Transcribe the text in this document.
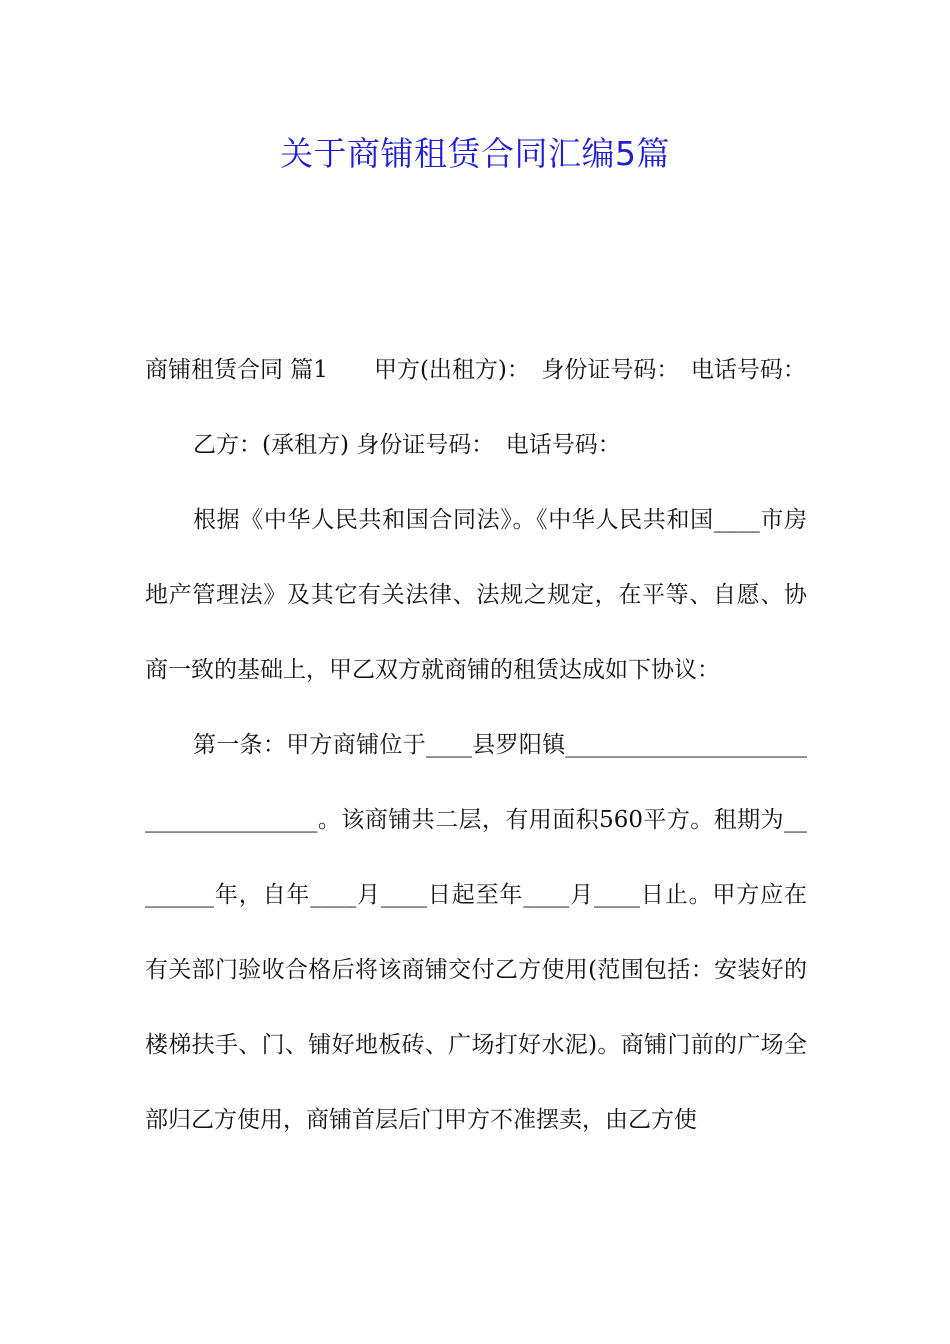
关于商铺租赁合同汇编5篇

商铺租赁合同 篇1　　甲方(出租方)：　身份证号码：　电话号码：

乙方：(承租方) 身份证号码：　电话号码：

根据《中华人民共和国合同法》。《中华人民共和国____市房地产管理法》及其它有关法律、法规之规定，在平等、自愿、协商一致的基础上，甲乙双方就商铺的租赁达成如下协议：

第一条：甲方商铺位于____县罗阳镇____________________________________。该商铺共二层，有用面积560平方。租期为________年，自年____月____日起至年____月____日止。甲方应在有关部门验收合格后将该商铺交付乙方使用(范围包括：安装好的楼梯扶手、门、铺好地板砖、广场打好水泥)。商铺门前的广场全部归乙方使用，商铺首层后门甲方不准摆卖，由乙方使
